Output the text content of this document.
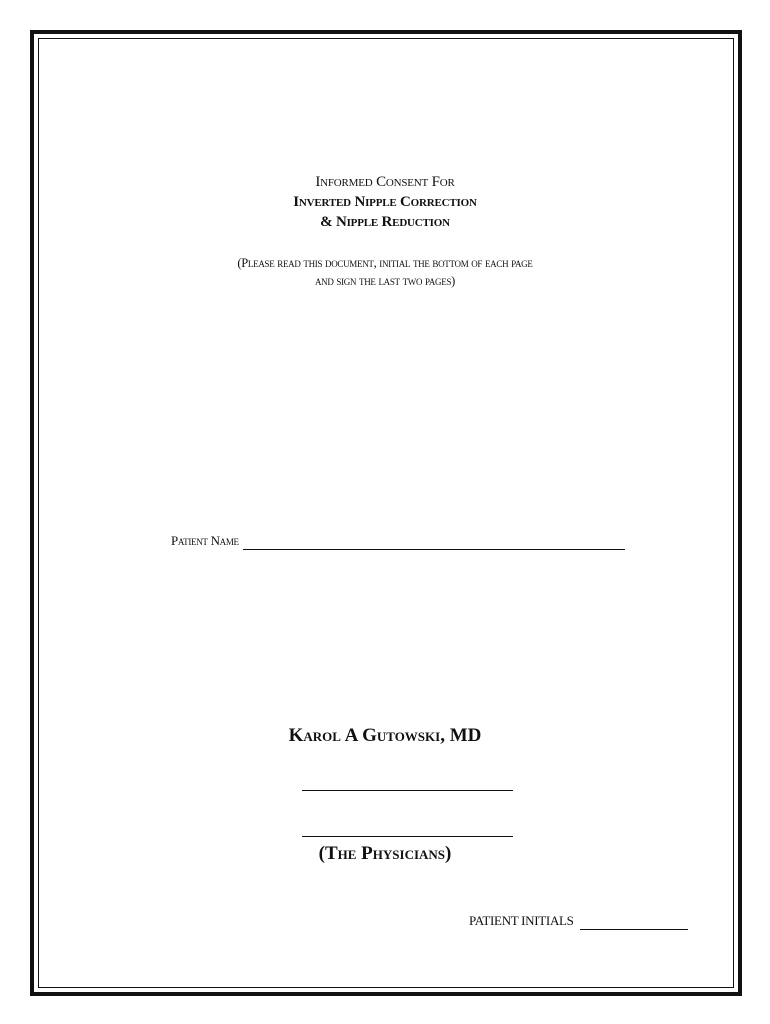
Informed Consent For
Inverted Nipple Correction
& Nipple Reduction
(Please read this document, initial the bottom of each page
and sign the last two pages)
Patient Name
Karol A Gutowski, MD
(The Physicians)
PATIENT INITIALS
